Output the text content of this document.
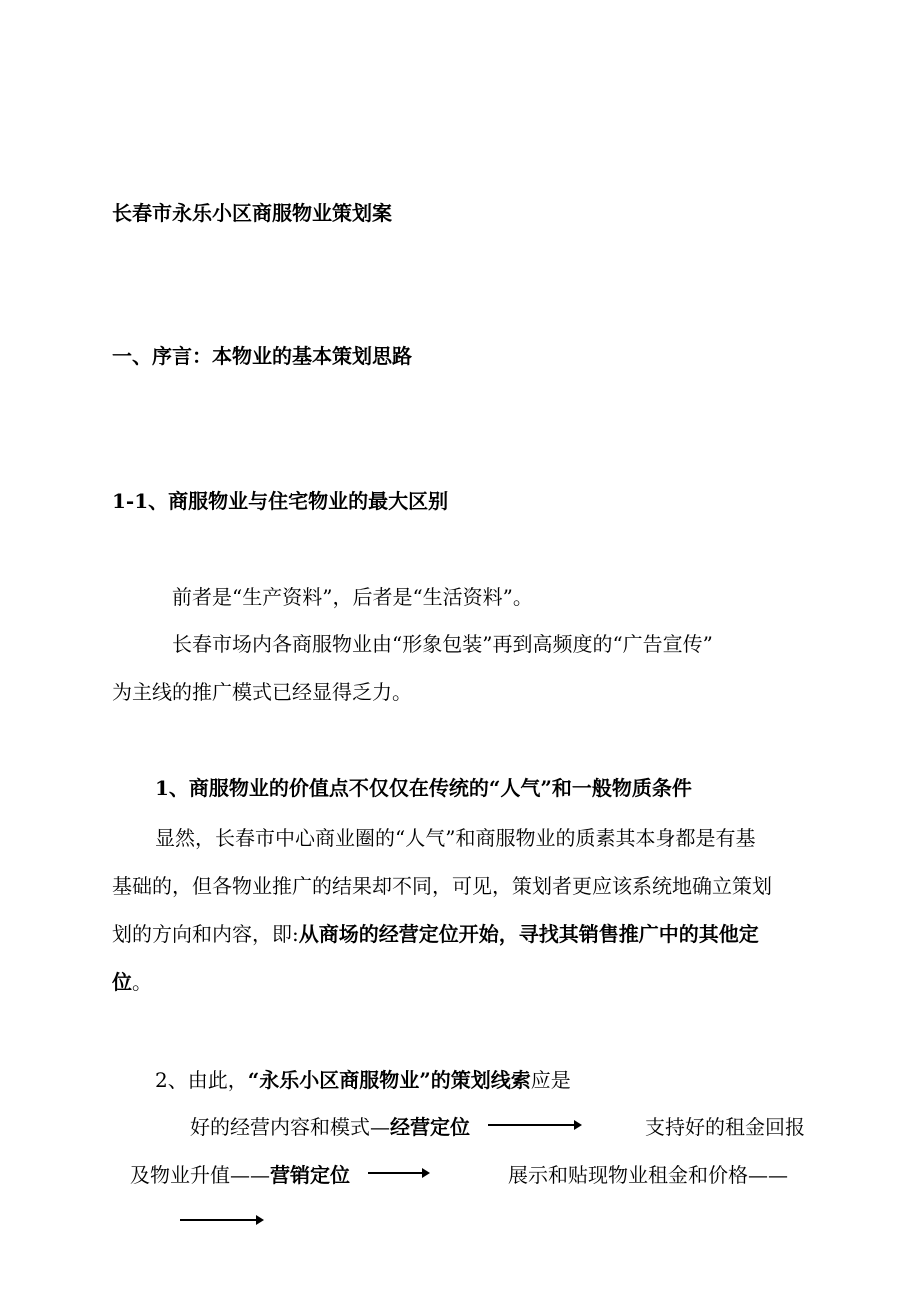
长春市永乐小区商服物业策划案
一、序言：本物业的基本策划思路
1-1、商服物业与住宅物业的最大区别
前者是“生产资料”，后者是“生活资料”。
长春市场内各商服物业由“形象包装”再到高频度的“广告宣传”
为主线的推广模式已经显得乏力。
1、商服物业的价值点不仅仅在传统的“人气”和一般物质条件
显然，长春市中心商业圈的“人气”和商服物业的质素其本身都是有基
基础的，但各物业推广的结果却不同，可见，策划者更应该系统地确立策划
划的方向和内容，即:从商场的经营定位开始，寻找其销售推广中的其他定
位。
2、由此，“永乐小区商服物业”的策划线索应是
好的经营内容和模式—经营定位	支持好的租金回报
及物业升值——营销定位	展示和贴现物业租金和价格——
